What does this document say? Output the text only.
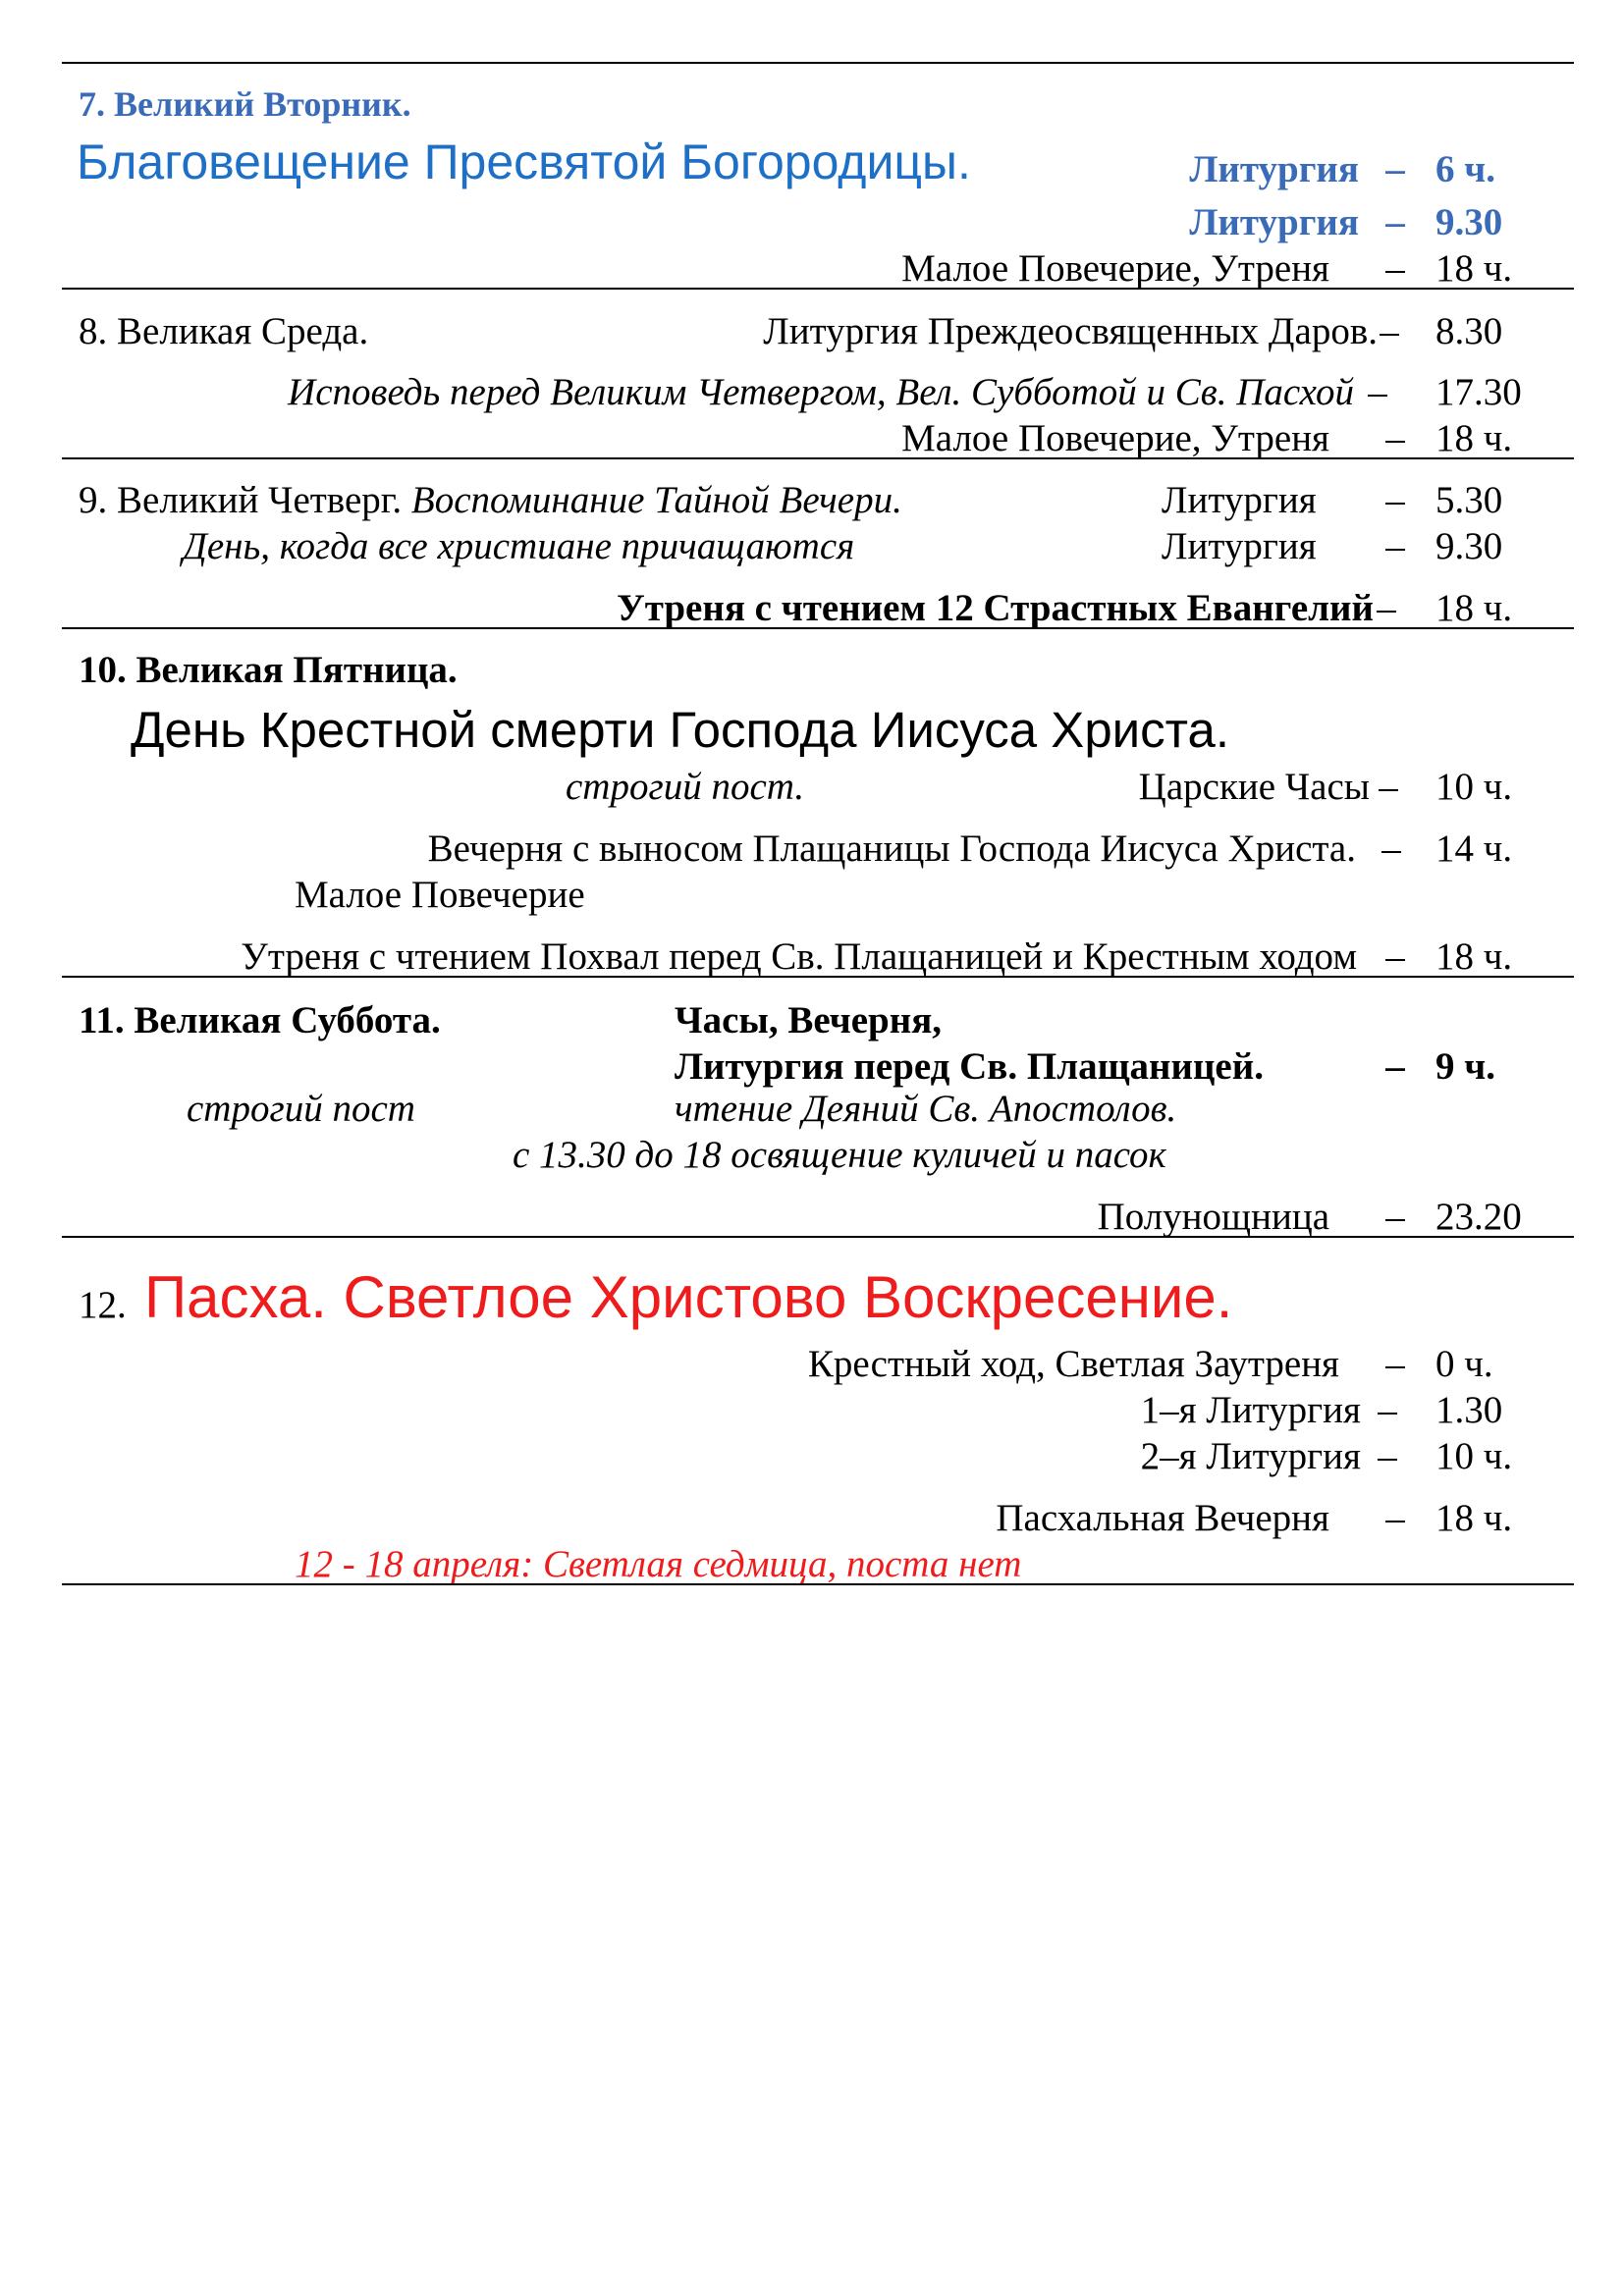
7. Великий Вторник.
Благовещение Пресвятой Богородицы.	Литургия – 6 ч.
Литургия – 9.30
Малое Повечерие, Утреня – 18 ч.
8. Великая Среда.	Литургия Преждеосвященных Даров. – 8.30
Исповедь перед Великим Четвергом, Вел. Субботой и Св. Пасхой – 17.30
Малое Повечерие, Утреня – 18 ч.
9. Великий Четверг. Воспоминание Тайной Вечери.	Литургия – 5.30
День, когда все христиане причащаются	Литургия – 9.30
Утреня с чтением 12 Страстных Евангелий – 18 ч.
10. Великая Пятница.
День Крестной смерти Господа Иисуса Христа.
строгий пост.	Царские Часы – 10 ч.
Вечерня с выносом Плащаницы Господа Иисуса Христа. – 14 ч.
Малое Повечерие
Утреня с чтением Похвал перед Св. Плащаницей и Крестным ходом – 18 ч.
11. Великая Суббота.	Часы, Вечерня,
Литургия перед Св. Плащаницей.	– 9 ч.
строгий пост	чтение Деяний Св. Апостолов.
с 13.30 до 18 освящение куличей и пасок
Полунощница – 23.20
12. Пасха. Светлое Христово Воскресение.
Крестный ход, Светлая Заутреня – 0 ч.
1–я Литургия – 1.30
2–я Литургия – 10 ч.
Пасхальная Вечерня – 18 ч.
12 - 18 апреля: Светлая седмица, поста нет
